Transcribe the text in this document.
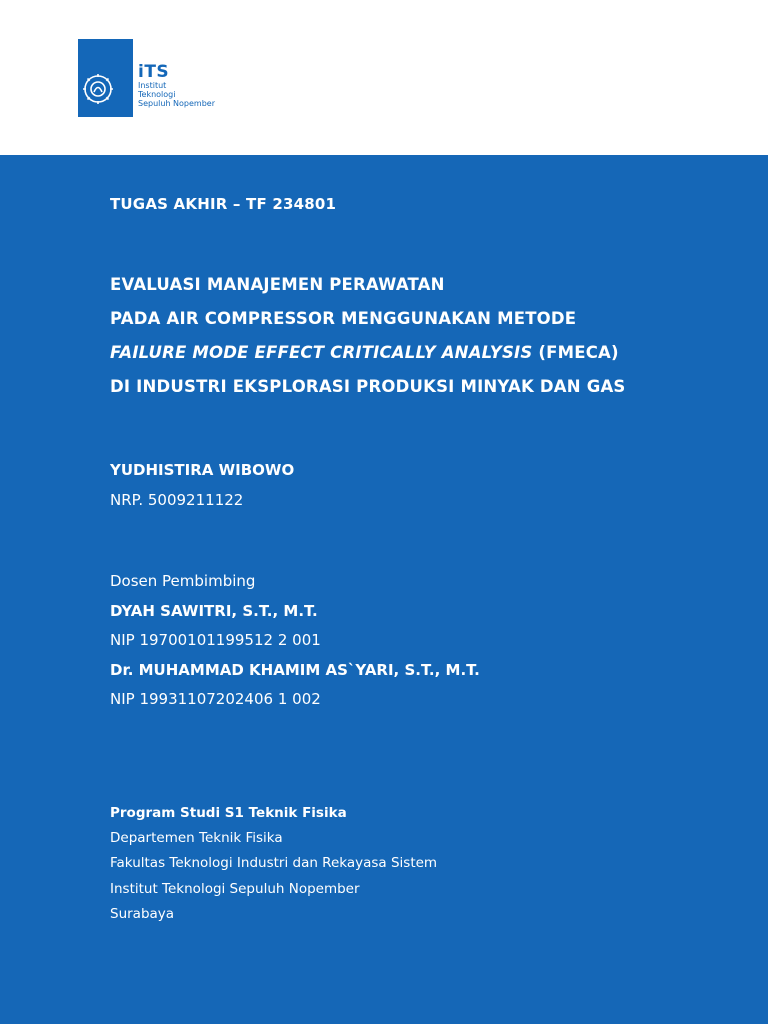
iTS
Institut
Teknologi
Sepuluh Nopember
TUGAS AKHIR – TF 234801
EVALUASI MANAJEMEN PERAWATAN
PADA AIR COMPRESSOR MENGGUNAKAN METODE
FAILURE MODE EFFECT CRITICALLY ANALYSIS (FMECA)
DI INDUSTRI EKSPLORASI PRODUKSI MINYAK DAN GAS
YUDHISTIRA WIBOWO
NRP. 5009211122
Dosen Pembimbing
DYAH SAWITRI, S.T., M.T.
NIP 19700101199512 2 001
Dr. MUHAMMAD KHAMIM AS`YARI, S.T., M.T.
NIP 19931107202406 1 002
Program Studi S1 Teknik Fisika
Departemen Teknik Fisika
Fakultas Teknologi Industri dan Rekayasa Sistem
Institut Teknologi Sepuluh Nopember
Surabaya
